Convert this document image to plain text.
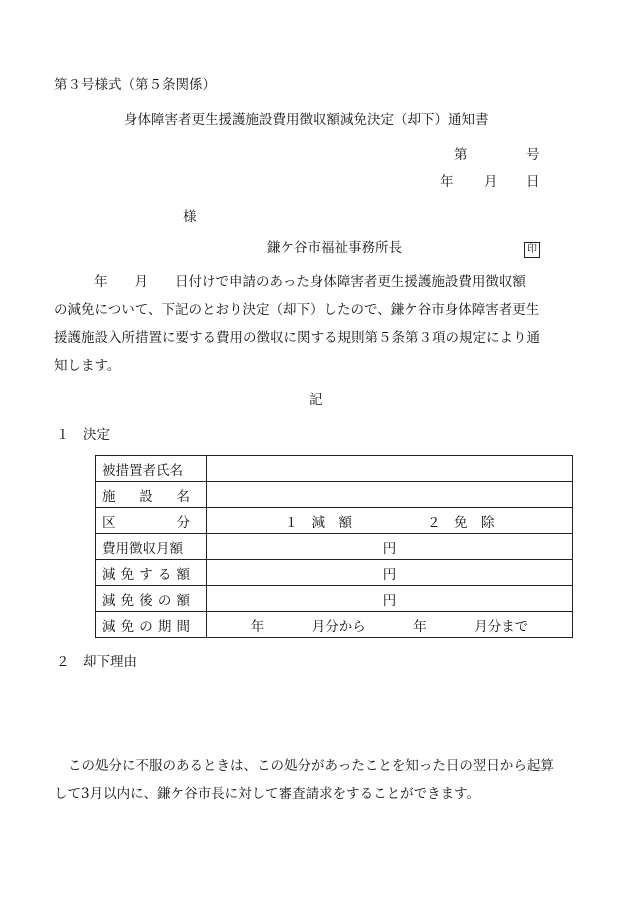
第３号様式（第５条関係）
身体障害者更生援護施設費用徴収額減免決定（却下）通知書
第	号
年 月 日
様
鎌ケ谷市福祉事務所長	印
年　　月　　日付けで申請のあった身体障害者更生援護施設費用徴収額
の減免について、下記のとおり決定（却下）したので、鎌ケ谷市身体障害者更生
援護施設入所措置に要する費用の徴収に関する規則第５条第３項の規定により通
知します。
記
１　決定
被措置者氏名	

施 設 名	

区 分	１　減　額 ２　免　除

費用徴収月額	円

減 免 す る 額	円

減 免 後 の 額	円

減 免 の 期 間	年 月分から 年 月分まで
２　却下理由
この処分に不服のあるときは、この処分があったことを知った日の翌日から起算
して3月以内に、鎌ケ谷市長に対して審査請求をすることができます。
